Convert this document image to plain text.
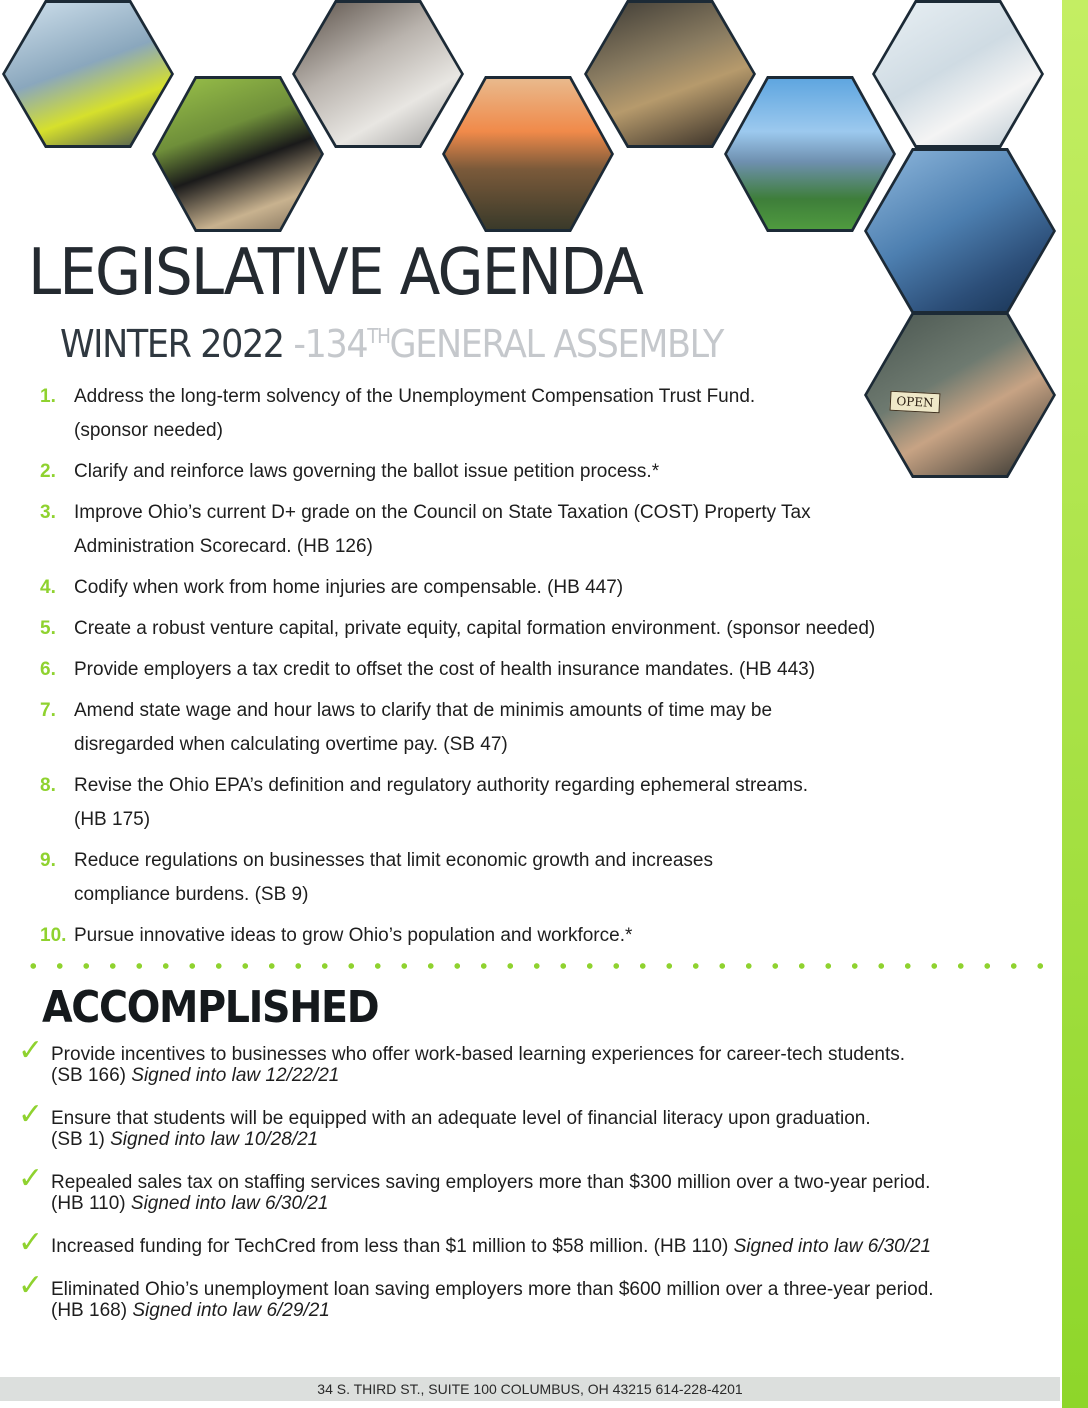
OPEN
LEGISLATIVE AGENDA
WINTER 2022 -134THGENERAL ASSEMBLY
1. Address the long-term solvency of the Unemployment Compensation Trust Fund.
(sponsor needed)
2. Clarify and reinforce laws governing the ballot issue petition process.*
3. Improve Ohio’s current D+ grade on the Council on State Taxation (COST) Property Tax
Administration Scorecard. (HB 126)
4. Codify when work from home injuries are compensable. (HB 447)
5. Create a robust venture capital, private equity, capital formation environment. (sponsor needed)
6. Provide employers a tax credit to offset the cost of health insurance mandates. (HB 443)
7. Amend state wage and hour laws to clarify that de minimis amounts of time may be
disregarded when calculating overtime pay. (SB 47)
8. Revise the Ohio EPA’s definition and regulatory authority regarding ephemeral streams.
(HB 175)
9. Reduce regulations on businesses that limit economic growth and increases
compliance burdens. (SB 9)
10. Pursue innovative ideas to grow Ohio’s population and workforce.*
ACCOMPLISHED
✓ Provide incentives to businesses who offer work-based learning experiences for career-tech students.
(SB 166) Signed into law 12/22/21
✓ Ensure that students will be equipped with an adequate level of financial literacy upon graduation.
(SB 1) Signed into law 10/28/21
✓ Repealed sales tax on staffing services saving employers more than $300 million over a two-year period.
(HB 110) Signed into law 6/30/21
✓ Increased funding for TechCred from less than $1 million to $58 million. (HB 110) Signed into law 6/30/21
✓ Eliminated Ohio’s unemployment loan saving employers more than $600 million over a three-year period.
(HB 168) Signed into law 6/29/21
34 S. THIRD ST., SUITE 100 COLUMBUS, OH 43215 614-228-4201
